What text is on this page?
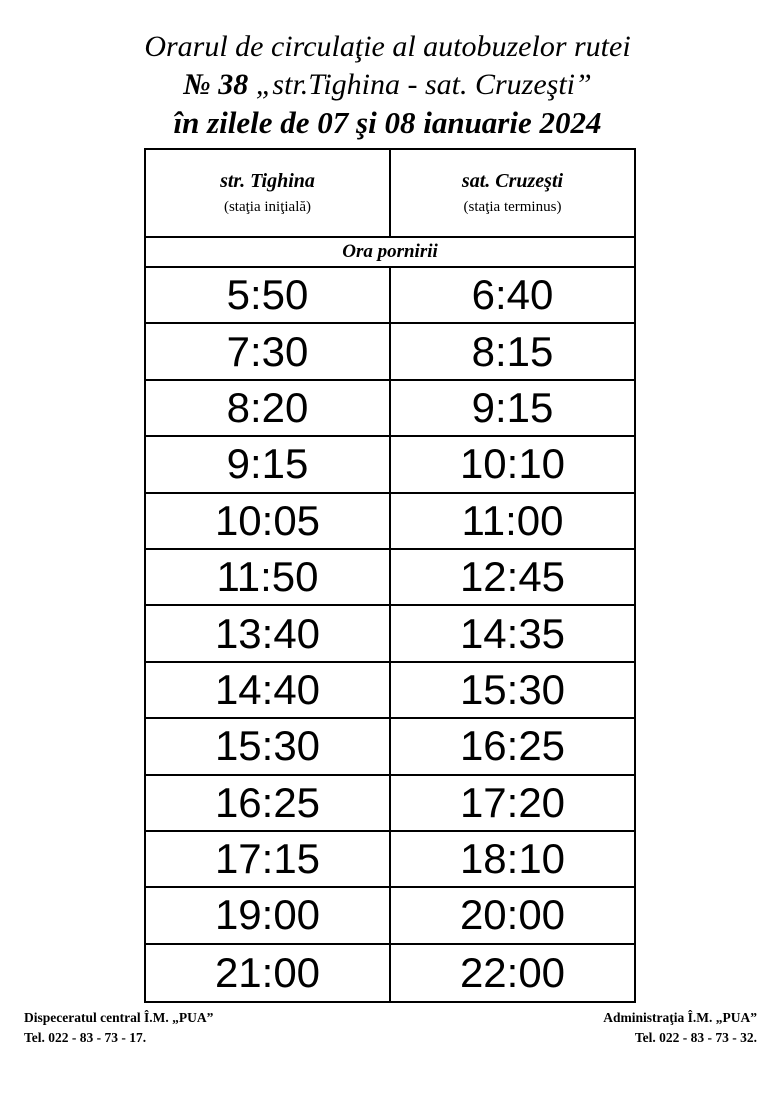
Orarul de circulaţie al autobuzelor rutei
№ 38 „str.Tighina - sat. Cruzeşti”
în zilele de 07 şi 08 ianuarie 2024
str. Tighina
(staţia iniţială)
sat. Cruzeşti
(staţia terminus)
Ora pornirii
5:50	6:40
7:30	8:15
8:20	9:15
9:15	10:10
10:05	11:00
11:50	12:45
13:40	14:35
14:40	15:30
15:30	16:25
16:25	17:20
17:15	18:10
19:00	20:00
21:00	22:00
Dispeceratul central Î.M. „PUA”
Tel. 022 - 83 - 73 - 17.
Administraţia Î.M. „PUA”
Tel. 022 - 83 - 73 - 32.
